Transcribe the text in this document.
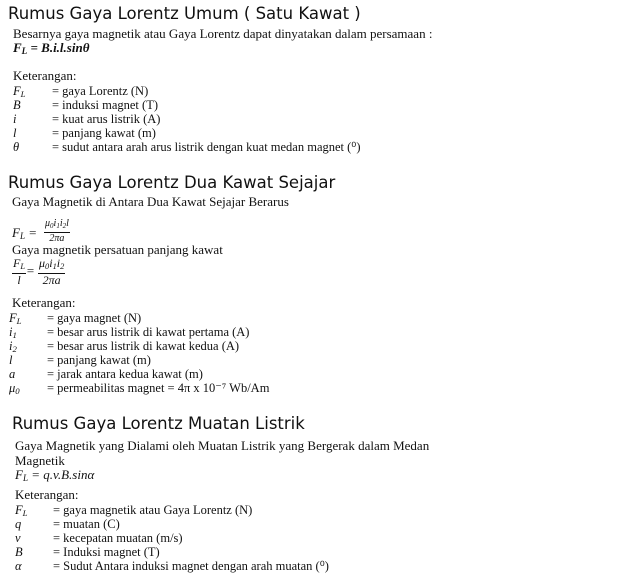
Rumus Gaya Lorentz Umum ( Satu Kawat )
Besarnya gaya magnetik atau Gaya Lorentz dapat dinyatakan dalam persamaan :
$F_L = B.i.l.\sin\theta$
Keterangan:
$F_L$ = gaya Lorentz (N)
B	= induksi magnet (T)
i	= kuat arus listrik (A)
l	= panjang kawat (m)
θ	= sudut antara arah arus listrik dengan kuat medan magnet (⁰)
Rumus Gaya Lorentz Dua Kawat Sejajar
Gaya Magnetik di Antara Dua Kawat Sejajar Berarus
$F_L = \frac{\mu_0i_1i_2l}{2\pi a}$
Gaya magnetik persatuan panjang kawat
$\frac{F_L}{l} = \frac{\mu_0i_1i_2}{2\pi a}$
Keterangan:
$F_L$ = gaya magnet (N)
$i_1$ = besar arus listrik di kawat pertama (A)
$i_2$ = besar arus listrik di kawat kedua (A)
l	= panjang kawat (m)
a	= jarak antara kedua kawat (m)
$\mu_0$ = permeabilitas magnet = 4π x 10⁻⁷ Wb/Am
Rumus Gaya Lorentz Muatan Listrik
Gaya Magnetik yang Dialami oleh Muatan Listrik yang Bergerak dalam Medan
Magnetik
$F_L = q.v.B.\sin\alpha$
Keterangan:
$F_L$ = gaya magnetik atau Gaya Lorentz (N)
q	= muatan (C)
v	= kecepatan muatan (m/s)
B = Induksi magnet (T)
α	= Sudut Antara induksi magnet dengan arah muatan (⁰)
